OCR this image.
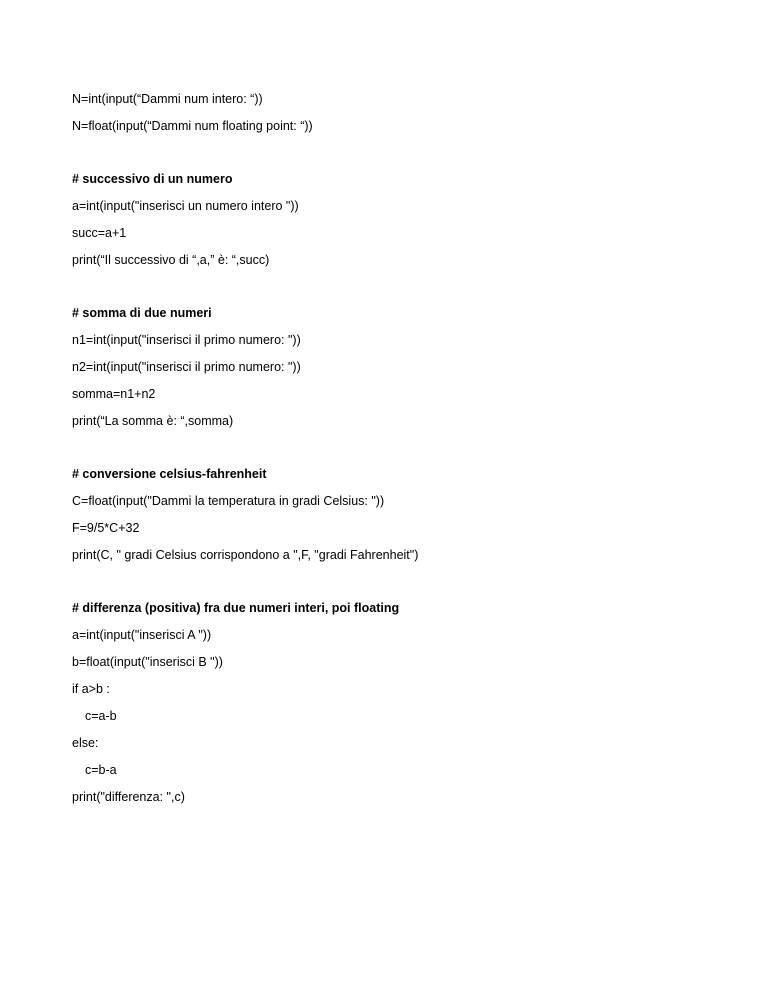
N=int(input(“Dammi num intero: “))
N=float(input(“Dammi num floating point: “))
# successivo di un numero
a=int(input("inserisci un numero intero "))
succ=a+1
print(“Il successivo di “,a,” è: “,succ)
# somma di due numeri
n1=int(input("inserisci il primo numero: "))
n2=int(input("inserisci il primo numero: "))
somma=n1+n2
print(“La somma è: “,somma)
# conversione celsius-fahrenheit
C=float(input("Dammi la temperatura in gradi Celsius: "))
F=9/5*C+32
print(C, " gradi Celsius corrispondono a ",F, "gradi Fahrenheit")
# differenza (positiva) fra due numeri interi, poi floating
a=int(input("inserisci A "))
b=float(input("inserisci B "))
if a>b :
c=a-b
else:
c=b-a
print("differenza: ",c)
